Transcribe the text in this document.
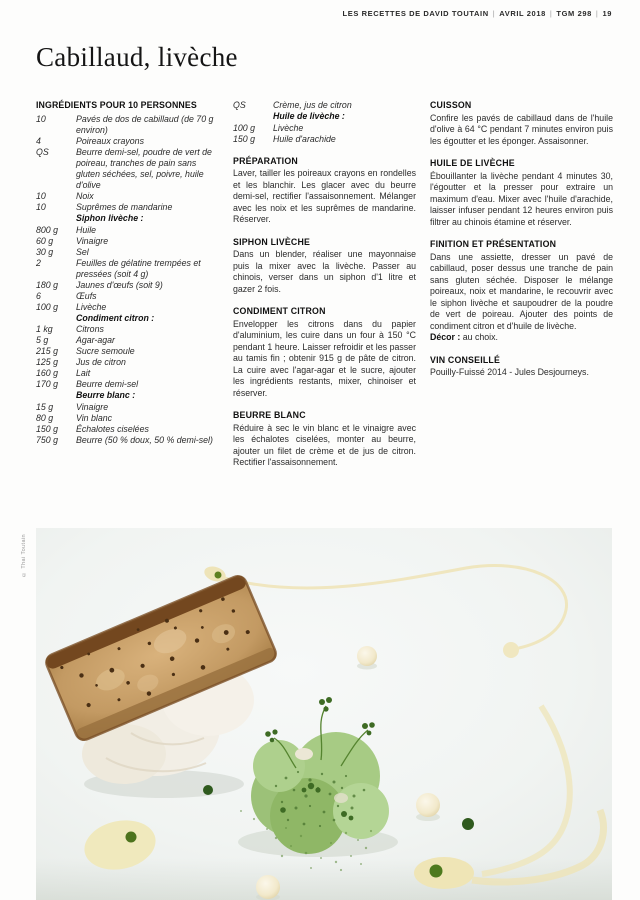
LES RECETTES DE DAVID TOUTAIN | AVRIL 2018 | TGM 298 | 19
Cabillaud, livèche
INGRÉDIENTS POUR 10 PERSONNES
10	Pavés de dos de cabillaud (de 70 g environ)
4	Poireaux crayons
QS	Beurre demi-sel, poudre de vert de poireau, tranches de pain sans gluten séchées, sel, poivre, huile d'olive
10	Noix
10	Suprêmes de mandarine
Siphon livèche :
800 g	Huile
60 g	Vinaigre
30 g	Sel
2	Feuilles de gélatine trempées et pressées (soit 4 g)
180 g	Jaunes d'œufs (soit 9)
6	Œufs
100 g	Livèche
Condiment citron :
1 kg	Citrons
5 g	Agar-agar
215 g	Sucre semoule
125 g	Jus de citron
160 g	Lait
170 g	Beurre demi-sel
Beurre blanc :
15 g	Vinaigre
80 g	Vin blanc
150 g	Échalotes ciselées
750 g	Beurre (50 % doux, 50 % demi-sel)
QS	Crème, jus de citron
Huile de livèche :
100 g	Livèche
150 g	Huile d'arachide
PRÉPARATION

Laver, tailler les poireaux crayons en rondelles et les blanchir. Les glacer avec du beurre demi-sel, rectifier l'assaisonnement. Mélanger avec les noix et les suprêmes de mandarine. Réserver.

SIPHON LIVÈCHE

Dans un blender, réaliser une mayonnaise puis la mixer avec la livèche. Passer au chinois, verser dans un siphon d'1 litre et gazer 2 fois.

CONDIMENT CITRON

Envelopper les citrons dans du papier d'aluminium, les cuire dans un four à 150 °C pendant 1 heure. Laisser refroidir et les passer au tamis fin ; obtenir 915 g de pâte de citron. La cuire avec l'agar-agar et le sucre, ajouter les ingrédients restants, mixer, chinoiser et réserver.

BEURRE BLANC

Réduire à sec le vin blanc et le vinaigre avec les échalotes ciselées, monter au beurre, ajouter un filet de crème et de jus de citron. Rectifier l'assaisonnement.

CUISSON

Confire les pavés de cabillaud dans de l'huile d'olive à 64 °C pendant 7 minutes environ puis les égoutter et les éponger. Assaisonner.

HUILE DE LIVÈCHE

Ébouillanter la livèche pendant 4 minutes 30, l'égoutter et la presser pour extraire un maximum d'eau. Mixer avec l'huile d'arachide, laisser infuser pendant 12 heures environ puis filtrer au chinois étamine et réserver.

FINITION ET PRÉSENTATION

Dans une assiette, dresser un pavé de cabillaud, poser dessus une tranche de pain sans gluten séchée. Disposer le mélange poireaux, noix et mandarine, le recouvrir avec le siphon livèche et saupoudrer de la poudre de vert de poireau. Ajouter des points de condiment citron et d'huile de livèche.

Décor : au choix.

VIN CONSEILLÉ

Pouilly-Fuissé 2014 - Jules Desjourneys.

© Thai Toutain
